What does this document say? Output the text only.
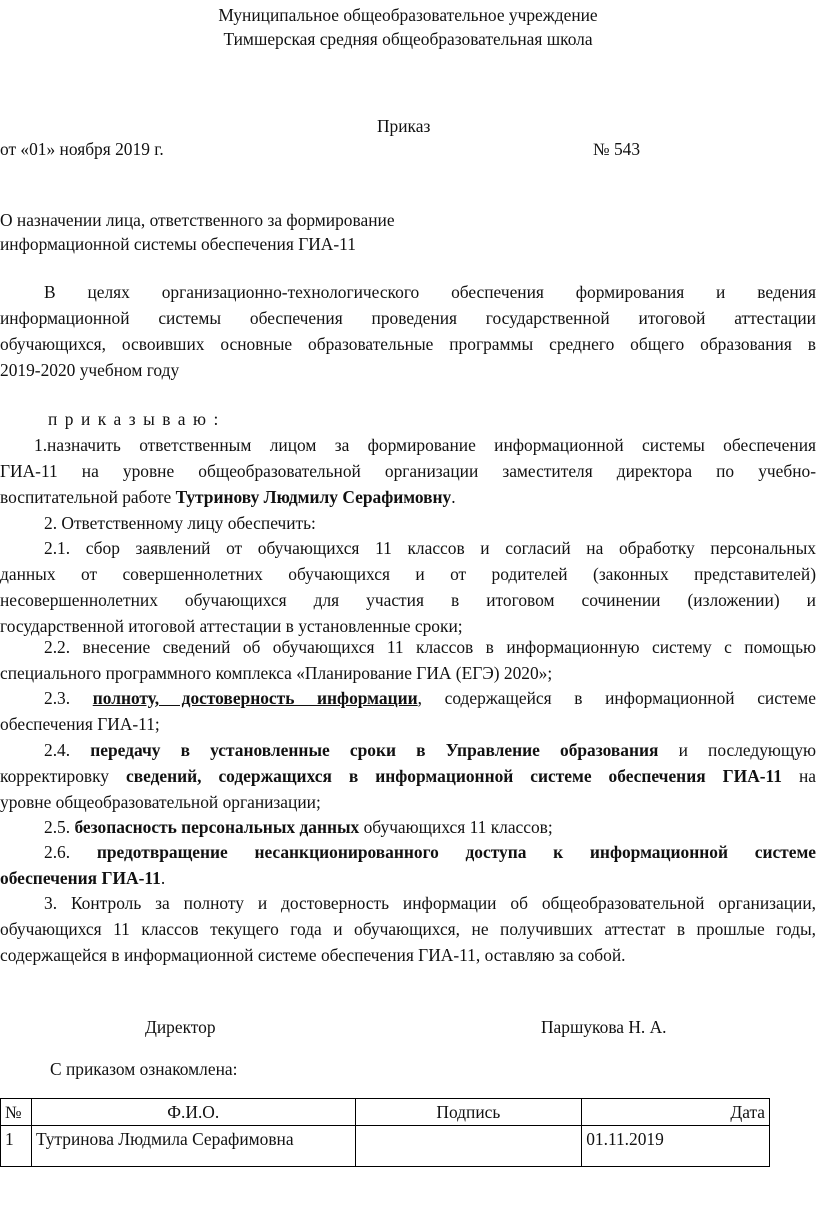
Муниципальное общеобразовательное учреждение
Тимшерская средняя общеобразовательная школа
Приказ
от «01» ноября 2019 г.	№ 543
О назначении лица, ответственного за формирование
информационной системы обеспечения ГИА-11
В целях организационно-технологического обеспечения формирования и ведения
информационной системы обеспечения проведения государственной итоговой аттестации
обучающихся, освоивших основные образовательные программы среднего общего образования в
2019-2020 учебном году
приказываю:
1.назначить ответственным лицом за формирование информационной системы обеспечения
ГИА-11 на уровне общеобразовательной организации заместителя директора по учебно-
воспитательной работе Тутринову Людмилу Серафимовну.
2. Ответственному лицу обеспечить:
2.1. сбор заявлений от обучающихся 11 классов и согласий на обработку персональных
данных от совершеннолетних обучающихся и от родителей (законных представителей)
несовершеннолетних обучающихся для участия в итоговом сочинении (изложении) и
государственной итоговой аттестации в установленные сроки;
2.2. внесение сведений об обучающихся 11 классов в информационную систему с помощью
специального программного комплекса «Планирование ГИА (ЕГЭ) 2020»;
2.3. полноту, достоверность информации, содержащейся в информационной системе
обеспечения ГИА-11;
2.4. передачу в установленные сроки в Управление образования и последующую
корректировку сведений, содержащихся в информационной системе обеспечения ГИА-11 на
уровне общеобразовательной организации;
2.5. безопасность персональных данных обучающихся 11 классов;
2.6. предотвращение несанкционированного доступа к информационной системе
обеспечения ГИА-11.
3. Контроль за полноту и достоверность информации об общеобразовательной организации,
обучающихся 11 классов текущего года и обучающихся, не получивших аттестат в прошлые годы,
содержащейся в информационной системе обеспечения ГИА-11, оставляю за собой.
Директор	Паршукова Н. А.
С приказом ознакомлена:
№	Ф.И.О.	Подпись	Дата
1	Тутринова Людмила Серафимовна		01.11.2019
